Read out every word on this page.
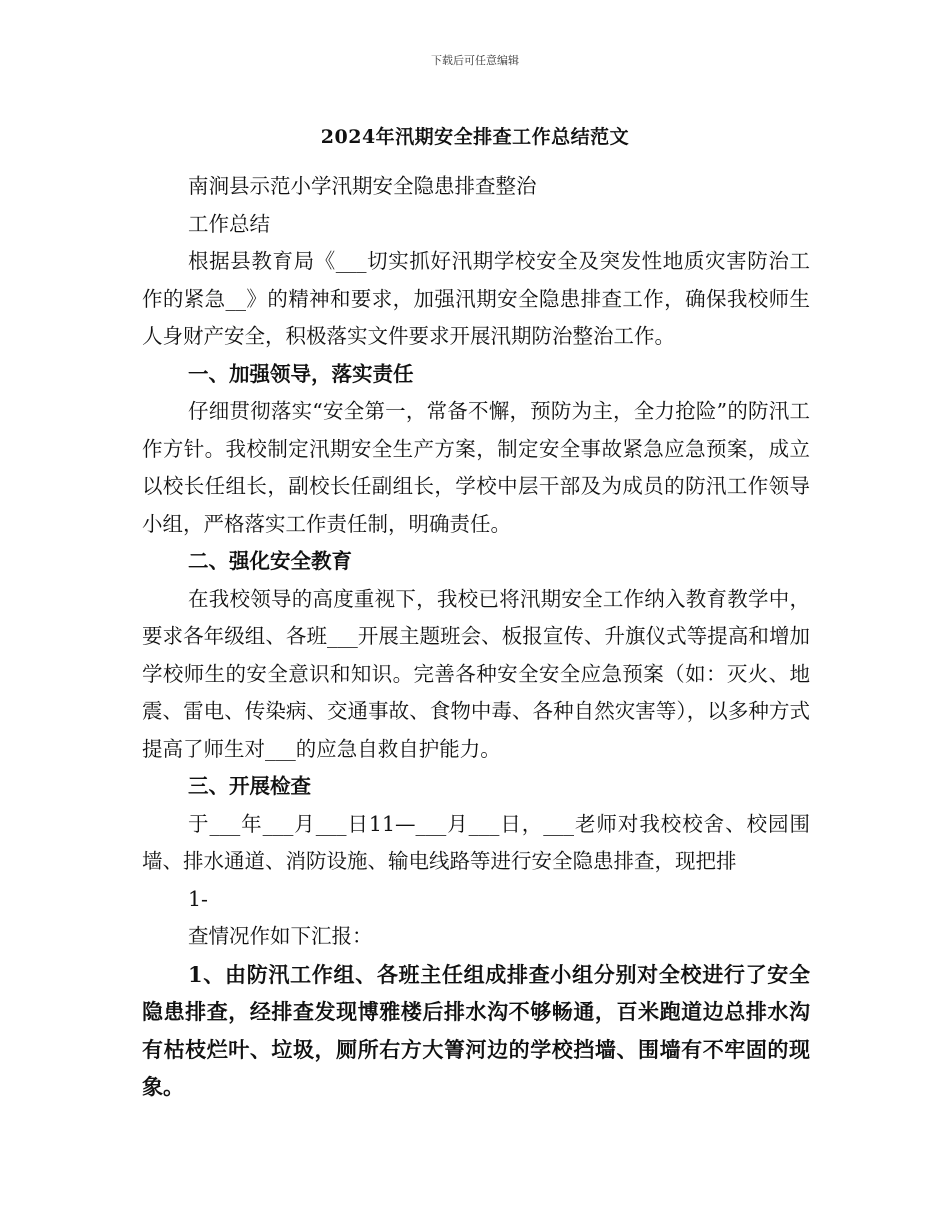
下载后可任意编辑
2024年汛期安全排查工作总结范文

南涧县示范小学汛期安全隐患排查整治

工作总结

根据县教育局《___切实抓好汛期学校安全及突发性地质灾害防治工作的紧急__》的精神和要求，加强汛期安全隐患排查工作，确保我校师生人身财产安全，积极落实文件要求开展汛期防治整治工作。

一、加强领导，落实责任

仔细贯彻落实“安全第一，常备不懈，预防为主，全力抢险”的防汛工作方针。我校制定汛期安全生产方案，制定安全事故紧急应急预案，成立以校长任组长，副校长任副组长，学校中层干部及为成员的防汛工作领导小组，严格落实工作责任制，明确责任。

二、强化安全教育

在我校领导的高度重视下，我校已将汛期安全工作纳入教育教学中，要求各年级组、各班___开展主题班会、板报宣传、升旗仪式等提高和增加学校师生的安全意识和知识。完善各种安全安全应急预案（如：灭火、地震、雷电、传染病、交通事故、食物中毒、各种自然灾害等），以多种方式提高了师生对___的应急自救自护能力。

三、开展检查

于___年___月___日11—___月___日，___老师对我校校舍、校园围墙、排水通道、消防设施、输电线路等进行安全隐患排查，现把排

1-

查情况作如下汇报：

1、由防汛工作组、各班主任组成排查小组分别对全校进行了安全隐患排查，经排查发现博雅楼后排水沟不够畅通，百米跑道边总排水沟有枯枝烂叶、垃圾，厕所右方大箐河边的学校挡墙、围墙有不牢固的现象。
